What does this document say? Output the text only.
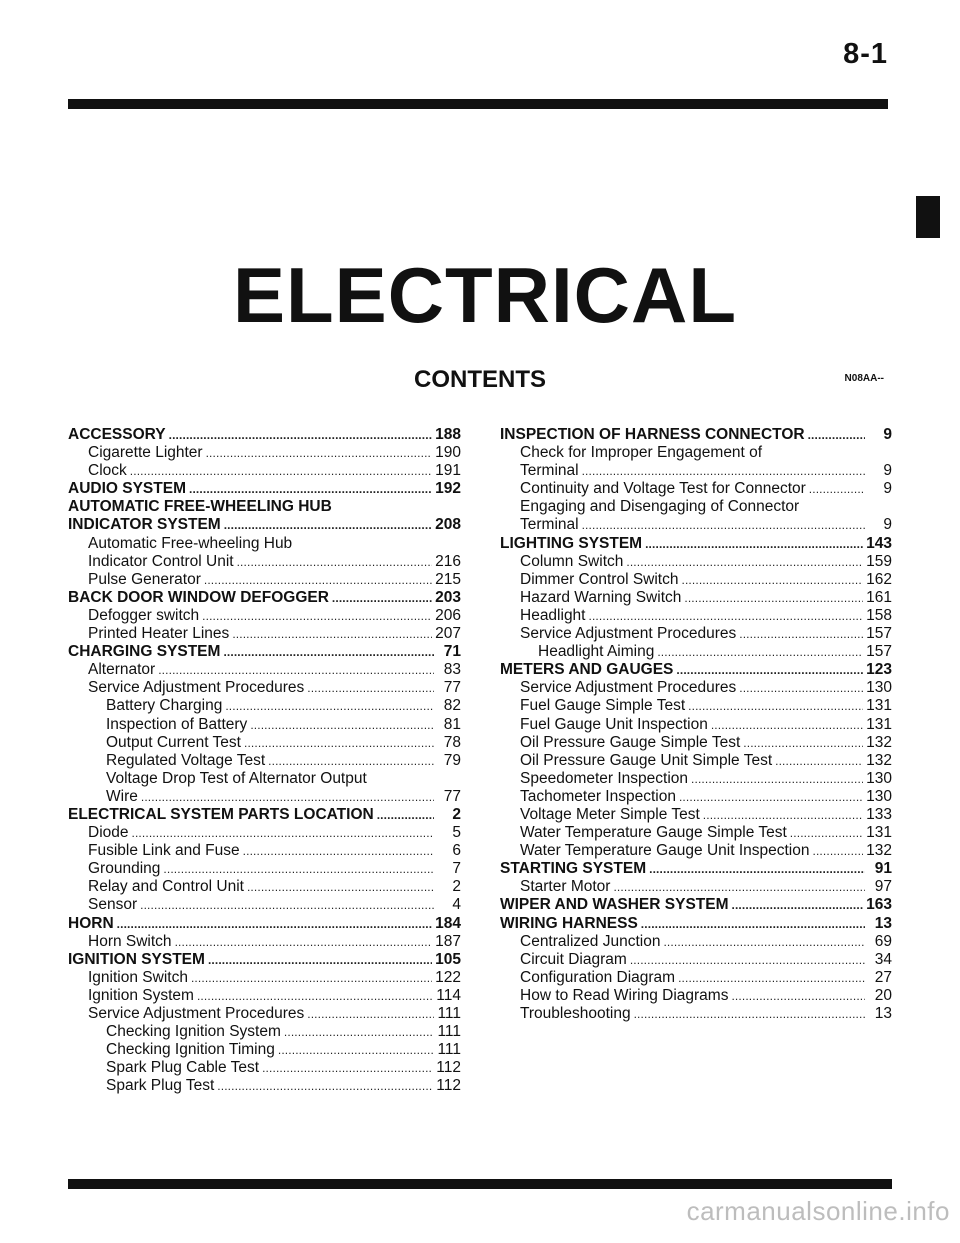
8-1
ELECTRICAL
CONTENTS	N08AA--
ACCESSORY . . .	188
Cigarette Lighter . . .	190
Clock . . .	191
AUDIO SYSTEM . . .	192
AUTOMATIC FREE-WHEELING HUB
INDICATOR SYSTEM . . .	208
Automatic Free-wheeling Hub
Indicator Control Unit . . .	216
Pulse Generator . . .	215
BACK DOOR WINDOW DEFOGGER . . .	203
Defogger switch . . .	206
Printed Heater Lines . . .	207
CHARGING SYSTEM . . .	71
Alternator . . .	83
Service Adjustment Procedures . . .	77
Battery Charging . . .	82
Inspection of Battery . . .	81
Output Current Test . . .	78
Regulated Voltage Test . . .	79
Voltage Drop Test of Alternator Output
Wire . . .	77
ELECTRICAL SYSTEM PARTS LOCATION . . .	2
Diode . . .	5
Fusible Link and Fuse . . .	6
Grounding . . .	7
Relay and Control Unit . . .	2
Sensor . . .	4
HORN . . .	184
Horn Switch . . .	187
IGNITION SYSTEM . . .	105
Ignition Switch . . .	122
Ignition System . . .	114
Service Adjustment Procedures . . .	111
Checking Ignition System . . .	111
Checking Ignition Timing . . .	111
Spark Plug Cable Test . . .	112
Spark Plug Test . . .	112
INSPECTION OF HARNESS CONNECTOR . . .	9
Check for Improper Engagement of
Terminal . . .	9
Continuity and Voltage Test for Connector . . .	9
Engaging and Disengaging of Connector
Terminal . . .	9
LIGHTING SYSTEM . . .	143
Column Switch . . .	159
Dimmer Control Switch . . .	162
Hazard Warning Switch . . .	161
Headlight . . .	158
Service Adjustment Procedures . . .	157
Headlight Aiming . . .	157
METERS AND GAUGES . . .	123
Service Adjustment Procedures . . .	130
Fuel Gauge Simple Test . . .	131
Fuel Gauge Unit Inspection . . .	131
Oil Pressure Gauge Simple Test . . .	132
Oil Pressure Gauge Unit Simple Test . . .	132
Speedometer Inspection . . .	130
Tachometer Inspection . . .	130
Voltage Meter Simple Test . . .	133
Water Temperature Gauge Simple Test . . .	131
Water Temperature Gauge Unit Inspection . . .	132
STARTING SYSTEM . . .	91
Starter Motor . . .	97
WIPER AND WASHER SYSTEM . . .	163
WIRING HARNESS . . .	13
Centralized Junction . . .	69
Circuit Diagram . . .	34
Configuration Diagram . . .	27
How to Read Wiring Diagrams . . .	20
Troubleshooting . . .	13
carmanualsonline.info
